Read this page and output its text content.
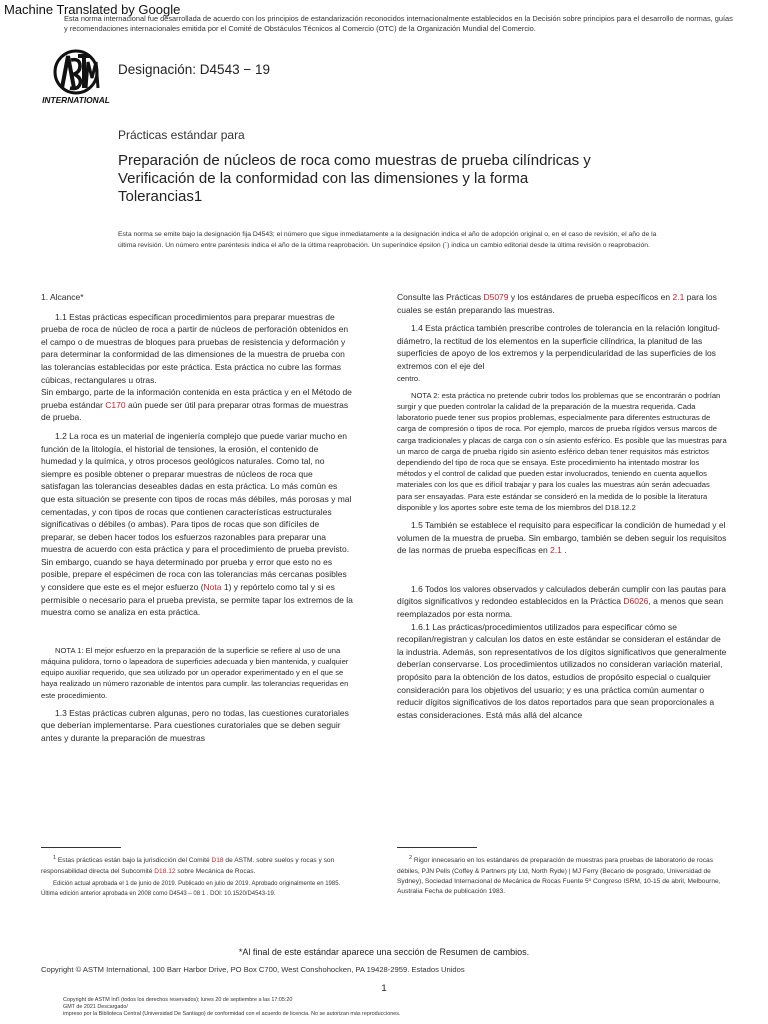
Machine Translated by Google
Esta norma internacional fue desarrollada de acuerdo con los principios de estandarización reconocidos internacionalmente establecidos en la Decisión sobre principios para el desarrollo de normas, guías y recomendaciones internacionales emitida por el Comité de Obstáculos Técnicos al Comercio (OTC) de la Organización Mundial del Comercio.
INTERNATIONAL
Designación: D4543 − 19
Prácticas estándar para
Preparación de núcleos de roca como muestras de prueba cilíndricas y
Verificación de la conformidad con las dimensiones y la forma
Tolerancias1
Esta norma se emite bajo la designación fija D4543; el número que sigue inmediatamente a la designación indica el año de adopción original o, en el caso de revisión, el año de la última revisión. Un número entre paréntesis indica el año de la última reaprobación. Un superíndice épsilon (´) indica un cambio editorial desde la última revisión o reaprobación.

1. Alcance*

1.1 Estas prácticas especifican procedimientos para preparar muestras de prueba de roca de núcleo de roca a partir de núcleos de perforación obtenidos en el campo o de muestras de bloques para pruebas de resistencia y deformación y para determinar la conformidad de las dimensiones de la muestra de prueba con las tolerancias establecidas por este práctica. Esta práctica no cubre las formas cúbicas, rectangulares u otras.

Sin embargo, parte de la información contenida en esta práctica y en el Método de prueba estándar C170 aún puede ser útil para preparar otras formas de muestras de prueba.

1.2 La roca es un material de ingeniería complejo que puede variar mucho en función de la litología, el historial de tensiones, la erosión, el contenido de humedad y la química, y otros procesos geológicos naturales. Como tal, no siempre es posible obtener o preparar muestras de núcleos de roca que satisfagan las tolerancias deseables dadas en esta práctica. Lo más común es que esta situación se presente con tipos de rocas más débiles, más porosas y mal cementadas, y con tipos de rocas que contienen características estructurales significativas o débiles (o ambas). Para tipos de rocas que son difíciles de preparar, se deben hacer todos los esfuerzos razonables para preparar una muestra de acuerdo con esta práctica y para el procedimiento de prueba previsto. Sin embargo, cuando se haya determinado por prueba y error que esto no es posible, prepare el espécimen de roca con las tolerancias más cercanas posibles y considere que este es el mejor esfuerzo (Nota 1) y repórtelo como tal y si es permisible o necesario para el prueba prevista, se permite tapar los extremos de la muestra como se analiza en esta práctica.

NOTA 1: El mejor esfuerzo en la preparación de la superficie se refiere al uso de una máquina pulidora, torno o lapeadora de superficies adecuada y bien mantenida, y cualquier equipo auxiliar requerido, que sea utilizado por un operador experimentado y en el que se haya realizado un número razonable de intentos para cumplir. las tolerancias requeridas en este procedimiento.

1.3 Estas prácticas cubren algunas, pero no todas, las cuestiones curatoriales que deberían implementarse. Para cuestiones curatoriales que se deben seguir antes y durante la preparación de muestras

Consulte las Prácticas D5079 y los estándares de prueba específicos en 2.1 para los cuales se están preparando las muestras.

1.4 Esta práctica también prescribe controles de tolerancia en la relación longitud-diámetro, la rectitud de los elementos en la superficie cilíndrica, la planitud de las superficies de apoyo de los extremos y la perpendicularidad de las superficies de los extremos con el eje del

centro.

NOTA 2: esta práctica no pretende cubrir todos los problemas que se encontrarán o podrían surgir y que pueden controlar la calidad de la preparación de la muestra requerida. Cada laboratorio puede tener sus propios problemas, especialmente para diferentes estructuras de carga de compresión o tipos de roca. Por ejemplo, marcos de prueba rígidos versus marcos de carga tradicionales y placas de carga con o sin asiento esférico. Es posible que las muestras para un marco de carga de prueba rígido sin asiento esférico deban tener requisitos más estrictos dependiendo del tipo de roca que se ensaya. Este procedimiento ha intentado mostrar los métodos y el control de calidad que pueden estar involucrados, teniendo en cuenta aquellos materiales con los que es difícil trabajar y para los cuales las muestras aún serán adecuadas para ser ensayadas. Para este estándar se consideró en la medida de lo posible la literatura disponible y los aportes sobre este tema de los miembros del D18.12.2

1.5 También se establece el requisito para especificar la condición de humedad y el volumen de la muestra de prueba. Sin embargo, también se deben seguir los requisitos de las normas de prueba específicas en 2.1 .

1.6 Todos los valores observados y calculados deberán cumplir con las pautas para dígitos significativos y redondeo establecidos en la Práctica D6026, a menos que sean reemplazados por esta norma.

1.6.1 Las prácticas/procedimientos utilizados para especificar cómo se recopilan/registran y calculan los datos en este estándar se consideran el estándar de la industria. Además, son representativos de los dígitos significativos que generalmente deberían conservarse. Los procedimientos utilizados no consideran variación material, propósito para la obtención de los datos, estudios de propósito especial o cualquier consideración para los objetivos del usuario; y es una práctica común aumentar o reducir dígitos significativos de los datos reportados para que sean proporcionales a estas consideraciones. Está más allá del alcance

$^1$ Estas prácticas están bajo la jurisdicción del Comité D18 de ASTM. sobre suelos y rocas y son responsabilidad directa del Subcomité D18.12 sobre Mecánica de Rocas.
Edición actual aprobada el 1 de junio de 2019. Publicado en julio de 2019. Aprobado originalmente en 1985. Última edición anterior aprobada en 2008 como D4543 – 08 1 . DOI: 10.1520/D4543-19.
$^2$ Rigor innecesario en los estándares de preparación de muestras para pruebas de laboratorio de rocas débiles, PJN Pells (Coffey & Partners pty Ltd, North Ryde) | MJ Ferry (Becario de posgrado, Universidad de Sydney), Sociedad Internacional de Mecánica de Rocas Fuente 5º Congreso ISRM, 10-15 de abril, Melbourne, Australia Fecha de publicación 1983.
*Al final de este estándar aparece una sección de Resumen de cambios.
Copyright © ASTM International, 100 Barr Harbor Drive, PO Box C700, West Conshohocken, PA 19428-2959. Estados Unidos
1
Copyright de ASTM Int'l (todos los derechos reservados); lunes 20 de septiembre a las 17:05:20
GMT de 2021 Descargado/
impreso por la Biblioteca Central (Universidad De Santiago) de conformidad con el acuerdo de licencia. No se autorizan más reproducciones.
